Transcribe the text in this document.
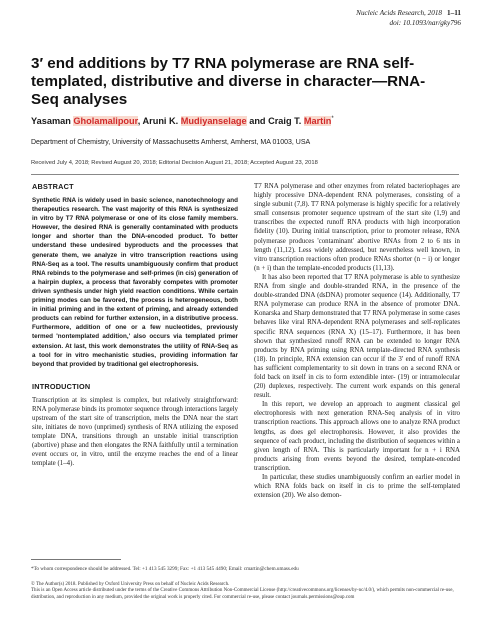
Nucleic Acids Research, 2018 1–11
doi: 10.1093/nar/gky796
3′ end additions by T7 RNA polymerase are RNA self-templated, distributive and diverse in character—RNA-Seq analyses
Yasaman Gholamalipour, Aruni K. Mudiyanselage and Craig T. Martin*
Department of Chemistry, University of Massachusetts Amherst, Amherst, MA 01003, USA
Received July 4, 2018; Revised August 20, 2018; Editorial Decision August 21, 2018; Accepted August 23, 2018
ABSTRACT

Synthetic RNA is widely used in basic science, nanotechnology and therapeutics research. The vast majority of this RNA is synthesized in vitro by T7 RNA polymerase or one of its close family members. However, the desired RNA is generally contaminated with products longer and shorter than the DNA-encoded product. To better understand these undesired byproducts and the processes that generate them, we analyze in vitro transcription reactions using RNA-Seq as a tool. The results unambiguously confirm that product RNA rebinds to the polymerase and self-primes (in cis) generation of a hairpin duplex, a process that favorably competes with promoter driven synthesis under high yield reaction conditions. While certain priming modes can be favored, the process is heterogeneous, both in initial priming and in the extent of priming, and already extended products can rebind for further extension, in a distributive process. Furthermore, addition of one or a few nucleotides, previously termed 'nontemplated addition,' also occurs via templated primer extension. At last, this work demonstrates the utility of RNA-Seq as a tool for in vitro mechanistic studies, providing information far beyond that provided by traditional gel electrophoresis.

INTRODUCTION

Transcription at its simplest is complex, but relatively straightforward: RNA polymerase binds its promoter sequence through interactions largely upstream of the start site of transcription, melts the DNA near the start site, initiates de novo (unprimed) synthesis of RNA utilizing the exposed template DNA, transitions through an unstable initial transcription (abortive) phase and then elongates the RNA faithfully until a termination event occurs or, in vitro, until the enzyme reaches the end of a linear template (1–4).

T7 RNA polymerase and other enzymes from related bacteriophages are highly processive DNA-dependent RNA polymerases, consisting of a single subunit (7,8). T7 RNA polymerase is highly specific for a relatively small consensus promoter sequence upstream of the start site (1,9) and transcribes the expected runoff RNA products with high incorporation fidelity (10). During initial transcription, prior to promoter release, RNA polymerase produces 'contaminant' abortive RNAs from 2 to 6 nts in length (11,12). Less widely addressed, but nevertheless well known, in vitro transcription reactions often produce RNAs shorter (n − i) or longer (n + i) than the template-encoded products (11,13).

It has also been reported that T7 RNA polymerase is able to synthesize RNA from single and double-stranded RNA, in the presence of the double-stranded DNA (dsDNA) promoter sequence (14). Additionally, T7 RNA polymerase can produce RNA in the absence of promoter DNA. Konarska and Sharp demonstrated that T7 RNA polymerase in some cases behaves like viral RNA-dependent RNA polymerases and self-replicates specific RNA sequences (RNA X) (15–17). Furthermore, it has been shown that synthesized runoff RNA can be extended to longer RNA products by RNA priming using RNA template-directed RNA synthesis (18). In principle, RNA extension can occur if the 3′ end of runoff RNA has sufficient complementarity to sit down in trans on a second RNA or fold back on itself in cis to form extendible inter- (19) or intramolecular (20) duplexes, respectively. The current work expands on this general result.

In this report, we develop an approach to augment classical gel electrophoresis with next generation RNA-Seq analysis of in vitro transcription reactions. This approach allows one to analyze RNA product lengths, as does gel electrophoresis. However, it also provides the sequence of each product, including the distribution of sequences within a given length of RNA. This is particularly important for n + i RNA products arising from events beyond the desired, template-encoded transcription.

In particular, these studies unambiguously confirm an earlier model in which RNA folds back on itself in cis to prime the self-templated extension (20). We also demon-

*To whom correspondence should be addressed. Tel: +1 413 545 3299; Fax: +1 413 545 4490; Email: cmartin@chem.umass.edu

© The Author(s) 2018. Published by Oxford University Press on behalf of Nucleic Acids Research.

This is an Open Access article distributed under the terms of the Creative Commons Attribution Non-Commercial License (http://creativecommons.org/licenses/by-nc/4.0/), which permits non-commercial re-use, distribution, and reproduction in any medium, provided the original work is properly cited. For commercial re-use, please contact journals.permissions@oup.com
